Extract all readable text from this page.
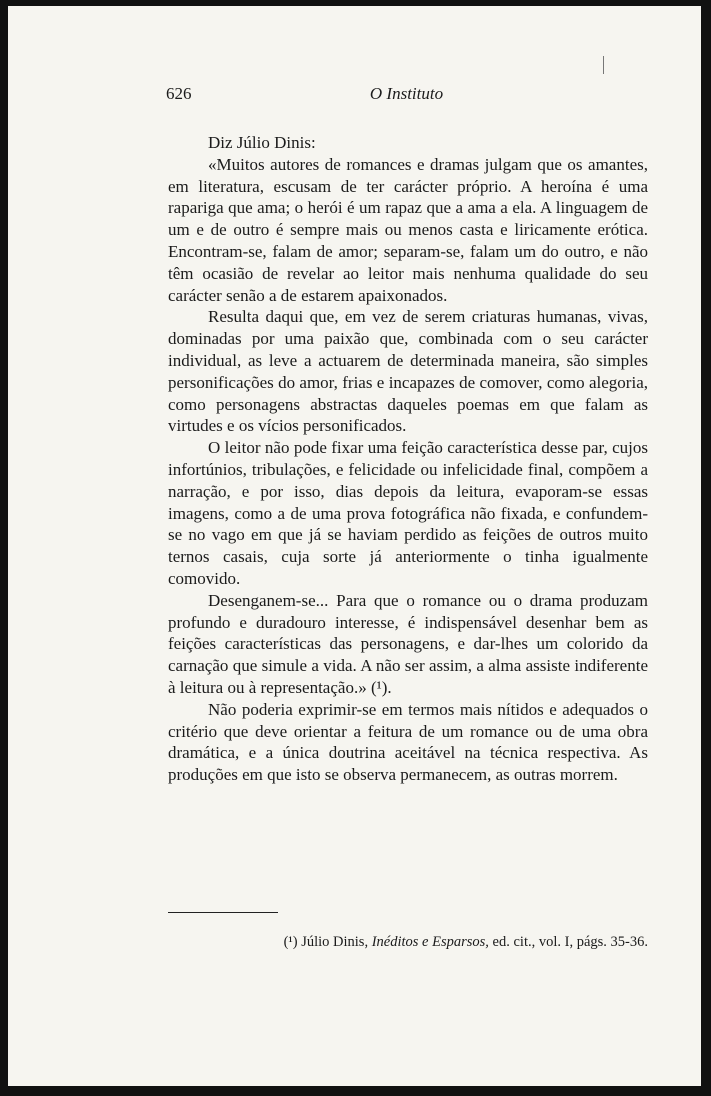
626	O Instituto

Diz Júlio Dinis:

«Muitos autores de romances e dramas julgam que os amantes, em literatura, escusam de ter carácter próprio. A heroína é uma rapariga que ama; o herói é um rapaz que a ama a ela. A linguagem de um e de outro é sempre mais ou menos casta e liricamente erótica. Encontram-se, falam de amor; separam-se, falam um do outro, e não têm ocasião de revelar ao leitor mais nenhuma qualidade do seu carácter senão a de estarem apaixonados.

Resulta daqui que, em vez de serem criaturas humanas, vivas, dominadas por uma paixão que, combinada com o seu carácter individual, as leve a actuarem de determinada maneira, são simples personificações do amor, frias e incapazes de comover, como alegoria, como personagens abstractas daqueles poemas em que falam as virtudes e os vícios personificados.

O leitor não pode fixar uma feição característica desse par, cujos infortúnios, tribulações, e felicidade ou infelicidade final, compõem a narração, e por isso, dias depois da leitura, evaporam-se essas imagens, como a de uma prova fotográfica não fixada, e confundem-se no vago em que já se haviam perdido as feições de outros muito ternos casais, cuja sorte já anteriormente o tinha igualmente comovido.

Desenganem-se... Para que o romance ou o drama produzam profundo e duradouro interesse, é indispensável desenhar bem as feições características das personagens, e dar-lhes um colorido da carnação que simule a vida. A não ser assim, a alma assiste indiferente à leitura ou à representação.» (¹).

Não poderia exprimir-se em termos mais nítidos e adequados o critério que deve orientar a feitura de um romance ou de uma obra dramática, e a única doutrina aceitável na técnica respectiva. As produções em que isto se observa permanecem, as outras morrem.

(¹) Júlio Dinis, Inéditos e Esparsos, ed. cit., vol. I, págs. 35-36.
